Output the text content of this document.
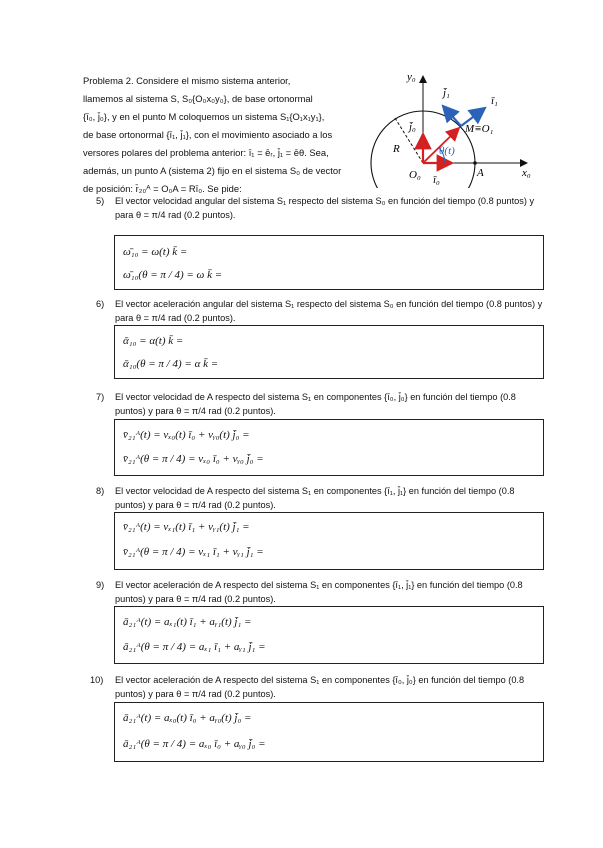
Problema 2. Considere el mismo sistema anterior,

llamemos al sistema S, S₀{O₀x₀y₀}, de base ortonormal

{ī₀, j̄₀}, y en el punto M coloquemos un sistema S₁{O₁x₁y₁},

de base ortonormal {ī₁, j̄₁}, con el movimiento asociado a los

versores polares del problema anterior: ī₁ = ēᵣ, j̄₁ = ēθ. Sea,

además, un punto A (sistema 2) fijo en el sistema S₀ de vector

de posición: r̄₂₀ᴬ = O₀A = Rī₀. Se pide:

y₀
x₀
j̄₁
ī₁
j̄₀
ī₀
R
M≡O₁
θ(t)
O₀	A
5) El vector velocidad angular del sistema S₁ respecto del sistema S₀ en función del tiempo (0.8 puntos) y para θ = π/4 rad (0.2 puntos).
ω̄₁₀ = ω(t) k̄ =
ω̄₁₀(θ = π / 4) = ω k̄ =
6) El vector aceleración angular del sistema S₁ respecto del sistema S₀ en función del tiempo (0.8 puntos) y para θ = π/4 rad (0.2 puntos).
ᾱ₁₀ = α(t) k̄ =
ᾱ₁₀(θ = π / 4) = α k̄ =
7) El vector velocidad de A respecto del sistema S₁ en componentes {ī₀, j̄₀} en función del tiempo (0.8 puntos) y para θ = π/4 rad (0.2 puntos).
v̄₂₁ᴬ(t) = vₓ₀(t) ī₀ + vᵧ₀(t) j̄₀ =
v̄₂₁ᴬ(θ = π / 4) = vₓ₀ ī₀ + vᵧ₀ j̄₀ =
8) El vector velocidad de A respecto del sistema S₁ en componentes {ī₁, j̄₁} en función del tiempo (0.8 puntos) y para θ = π/4 rad (0.2 puntos).
v̄₂₁ᴬ(t) = vₓ₁(t) ī₁ + vᵧ₁(t) j̄₁ =
v̄₂₁ᴬ(θ = π / 4) = vₓ₁ ī₁ + vᵧ₁ j̄₁ =
9) El vector aceleración de A respecto del sistema S₁ en componentes {ī₁, j̄₁} en función del tiempo (0.8 puntos) y para θ = π/4 rad (0.2 puntos).
ā₂₁ᴬ(t) = aₓ₁(t) ī₁ + aᵧ₁(t) j̄₁ =
ā₂₁ᴬ(θ = π / 4) = aₓ₁ ī₁ + aᵧ₁ j̄₁ =
10) El vector aceleración de A respecto del sistema S₁ en componentes {ī₀, j̄₀} en función del tiempo (0.8 puntos) y para θ = π/4 rad (0.2 puntos).
ā₂₁ᴬ(t) = aₓ₀(t) ī₀ + aᵧ₀(t) j̄₀ =
ā₂₁ᴬ(θ = π / 4) = aₓ₀ ī₀ + aᵧ₀ j̄₀ =
